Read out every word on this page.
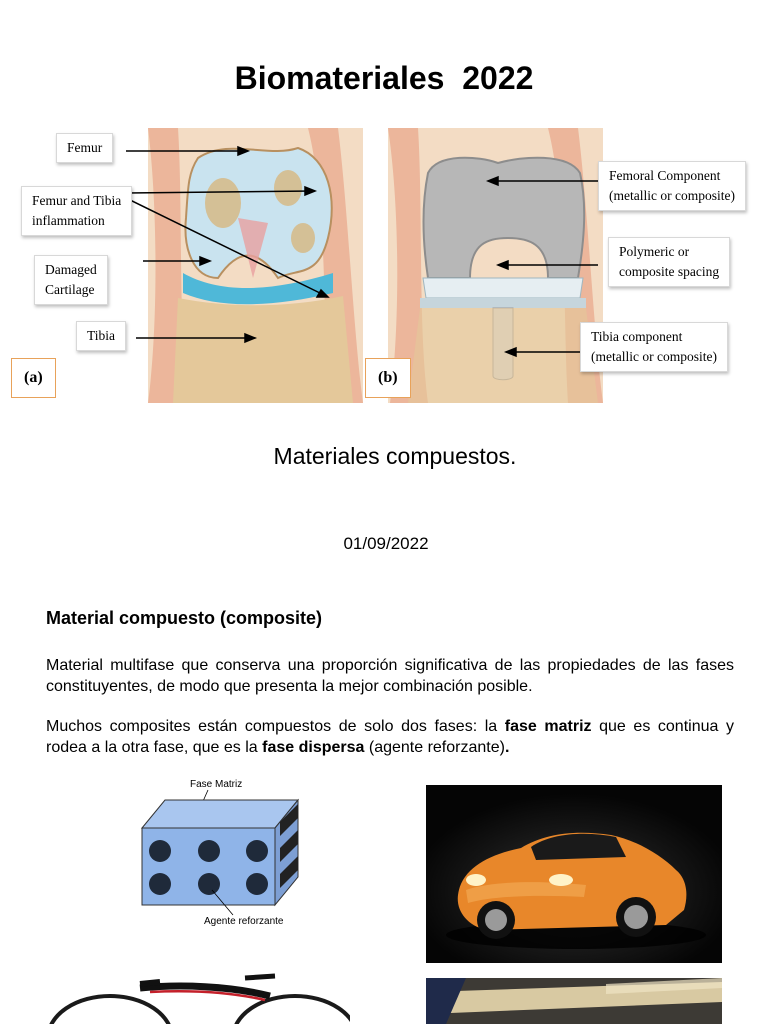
Biomateriales  2022
Femur
Femur and Tibia
inflammation
Damaged
Cartilage
Tibia
(a)
Femoral Component
(metallic or composite)
Polymeric or
composite spacing
Tibia component
(metallic or composite)
(b)
Materiales compuestos.
01/09/2022
Material compuesto (composite)
Material multifase que conserva una proporción significativa de las propiedades de las fases constituyentes, de modo que presenta la mejor combinación posible.
Muchos composites están compuestos de solo dos fases: la fase matriz que es continua y rodea a la otra fase, que es la fase dispersa (agente reforzante).
Fase Matriz
Agente reforzante
